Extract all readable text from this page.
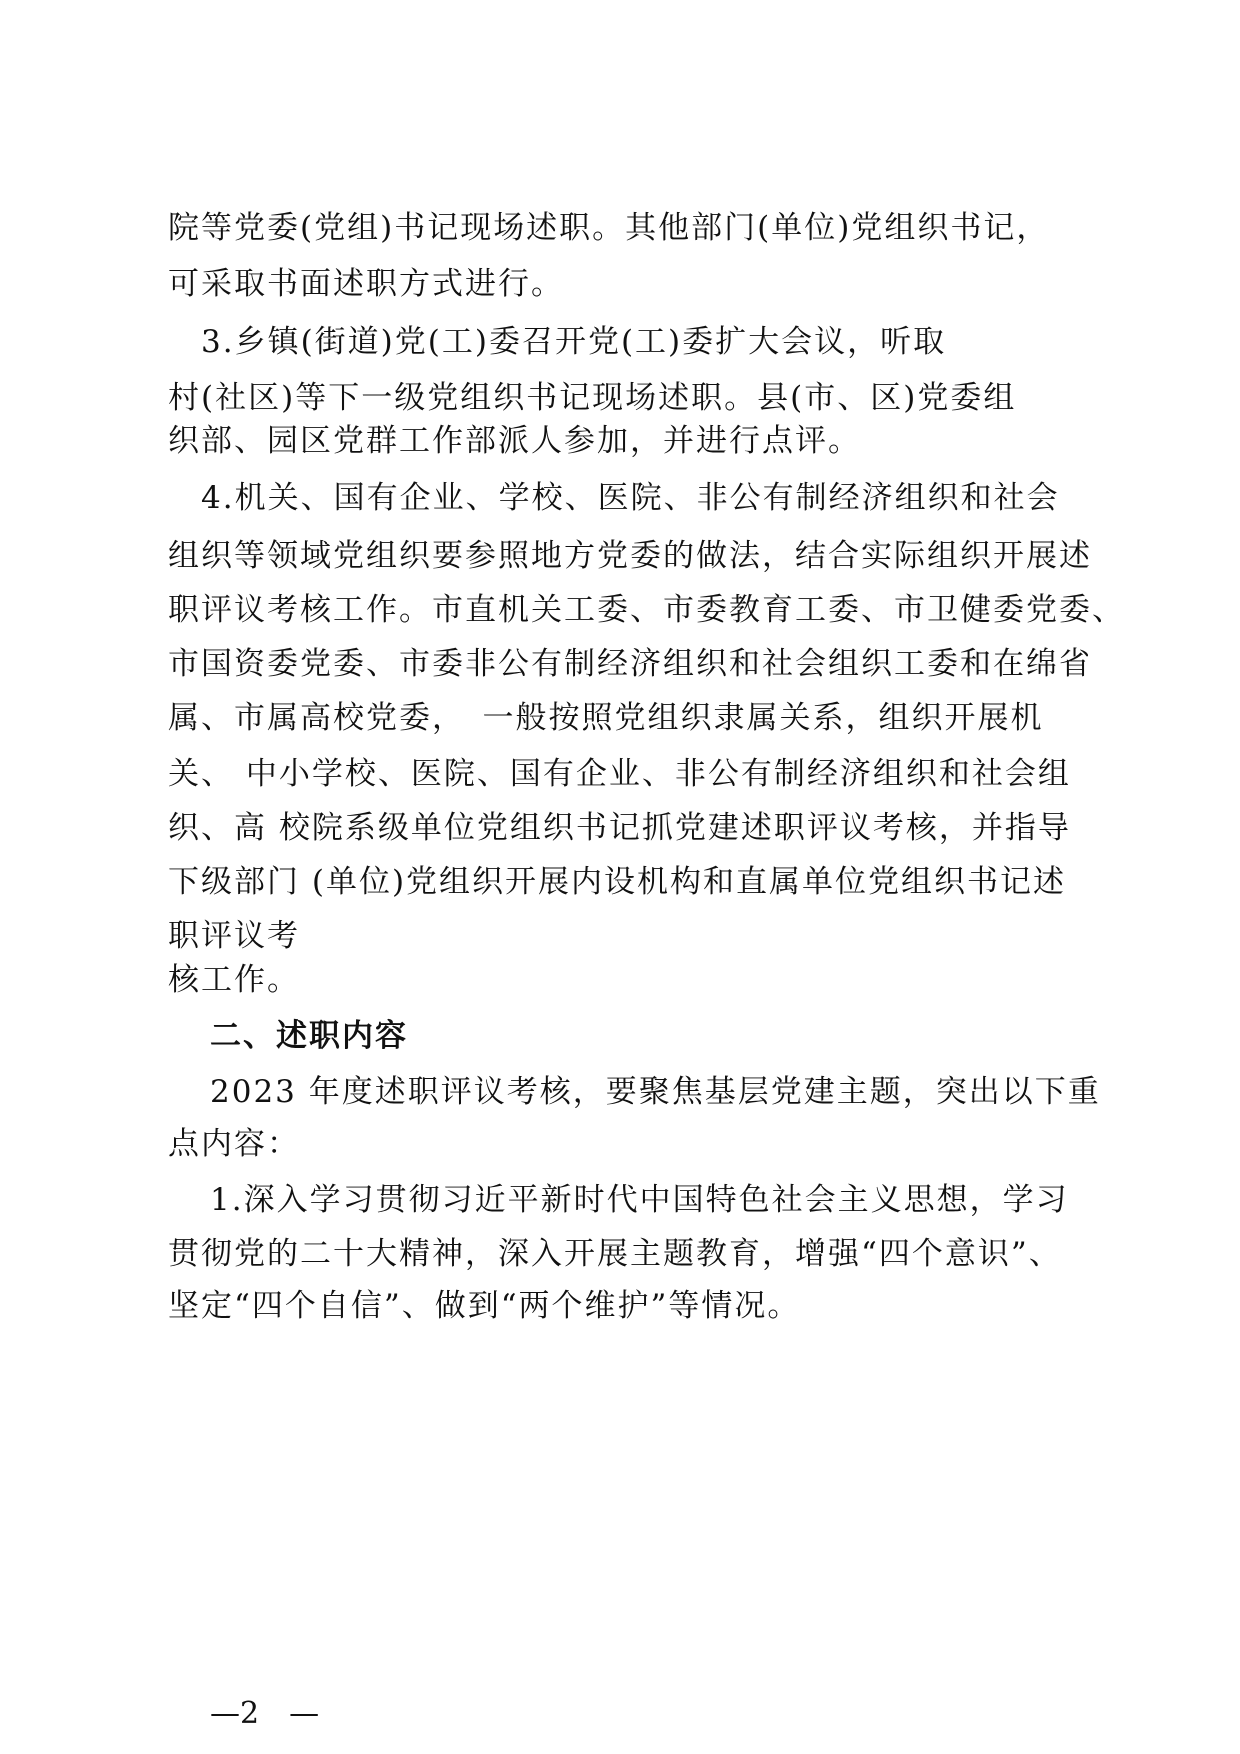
院等党委(党组)书记现场述职。其他部门(单位)党组织书记，
可采取书面述职方式进行。
　3.乡镇(街道)党(工)委召开党(工)委扩大会议，听取
村(社区)等下一级党组织书记现场述职。县(市、区)党委组
织部、园区党群工作部派人参加，并进行点评。
　4.机关、国有企业、学校、医院、非公有制经济组织和社会
组织等领域党组织要参照地方党委的做法，结合实际组织开展述
职评议考核工作。市直机关工委、市委教育工委、市卫健委党委、
市国资委党委、市委非公有制经济组织和社会组织工委和在绵省
属、市属高校党委，　一般按照党组织隶属关系，组织开展机
关、 中小学校、医院、国有企业、非公有制经济组织和社会组
织、高 校院系级单位党组织书记抓党建述职评议考核，并指导
下级部门 (单位)党组织开展内设机构和直属单位党组织书记述
职评议考
核工作。
二、述职内容
2023 年度述职评议考核，要聚焦基层党建主题，突出以下重
点内容：
1.深入学习贯彻习近平新时代中国特色社会主义思想，学习
贯彻党的二十大精神，深入开展主题教育，增强“四个意识”、
坚定“四个自信”、做到“两个维护”等情况。
—2　—
